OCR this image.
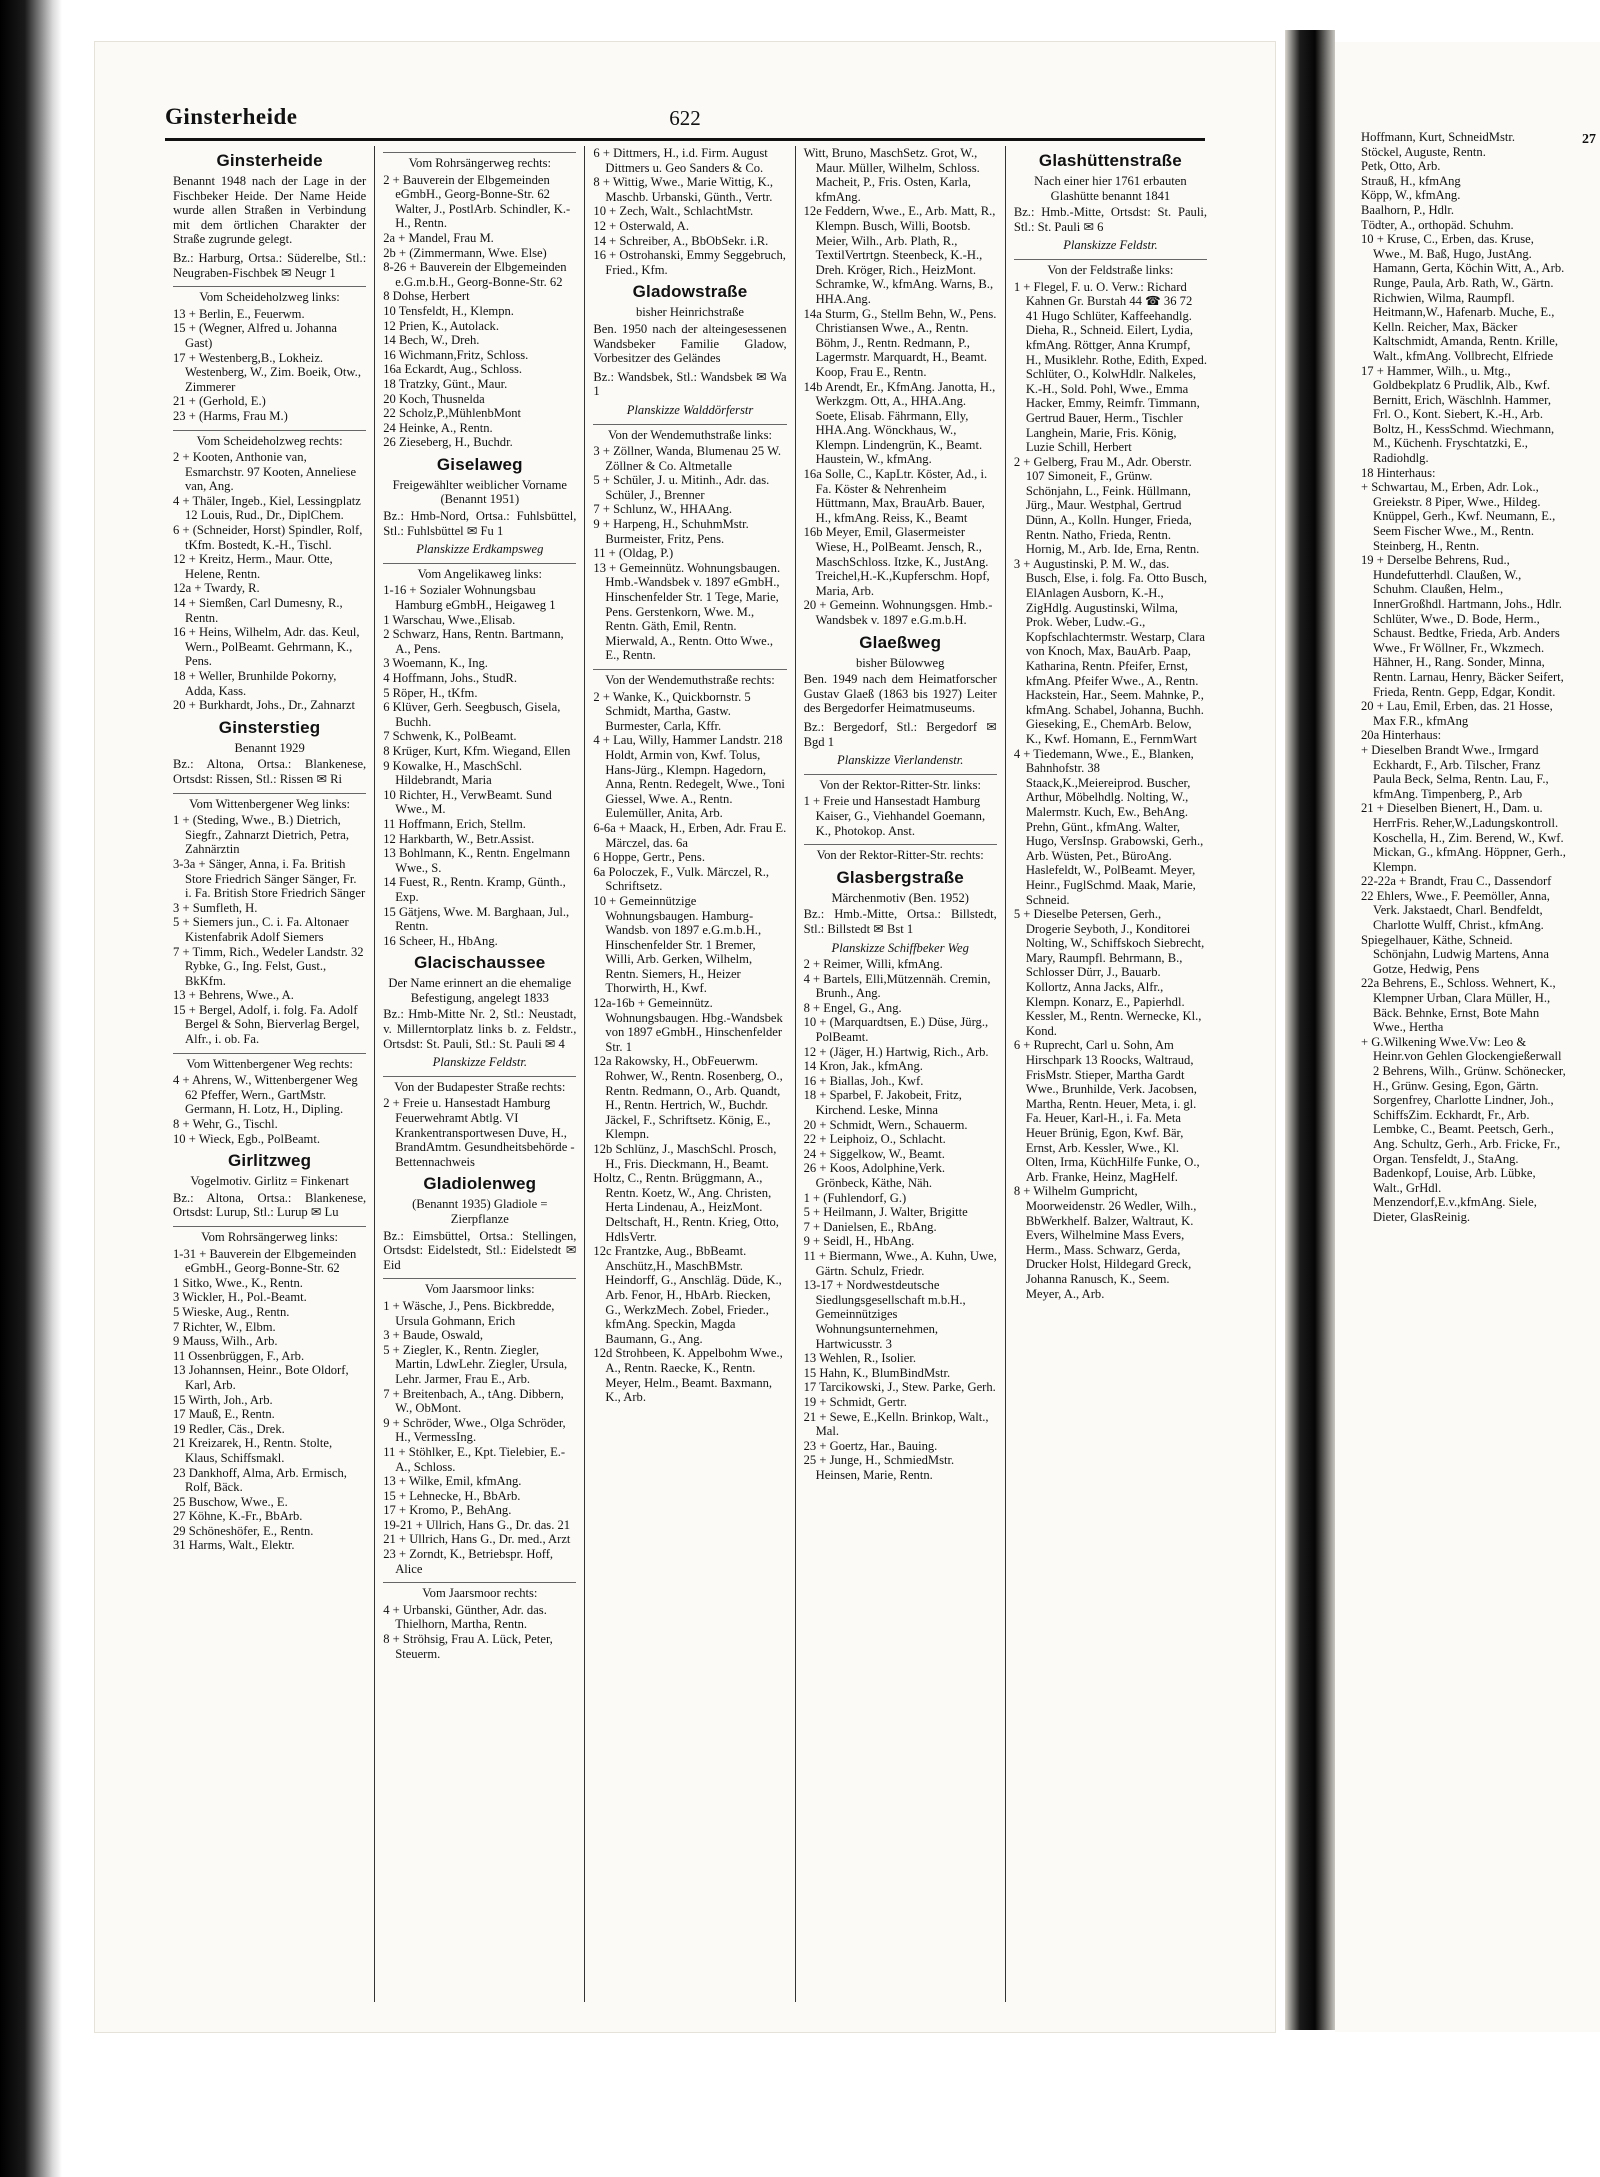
Ginsterheide	622
Ginsterheide
Benannt 1948 nach der Lage in der Fischbeker Heide. Der Name Heide wurde allen Straßen in Verbindung mit dem örtlichen Charakter der Straße zugrunde gelegt.
Bz.: Harburg, Ortsa.: Süderelbe, Stl.: Neugraben-Fischbek ✉ Neugr 1
Vom Scheideholzweg links:
13 + Berlin, E., Feuerwm.
15 + (Wegner, Alfred u. Johanna Gast)
17 + Westenberg,B., Lokheiz. Westenberg, W., Zim. Boeik, Otw., Zimmerer
21 + (Gerhold, E.)
23 + (Harms, Frau M.)
Vom Scheideholzweg rechts:
2 + Kooten, Anthonie van, Esmarchstr. 97 Kooten, Anneliese van, Ang.
4 + Thäler, Ingeb., Kiel, Lessingplatz 12 Louis, Rud., Dr., DiplChem.
6 + (Schneider, Horst) Spindler, Rolf, tKfm. Bostedt, K.-H., Tischl.
12 + Kreitz, Herm., Maur. Otte, Helene, Rentn.
12a + Twardy, R.
14 + Siemßen, Carl Dumesny, R., Rentn.
16 + Heins, Wilhelm, Adr. das. Keul, Wern., PolBeamt. Gehrmann, K., Pens.
18 + Weller, Brunhilde Pokorny, Adda, Kass.
20 + Burkhardt, Johs., Dr., Zahnarzt
Ginsterstieg
Benannt 1929
Bz.: Altona, Ortsa.: Blankenese, Ortsdst: Rissen, Stl.: Rissen ✉ Ri
Vom Wittenbergener Weg links:
1 + (Steding, Wwe., B.) Dietrich, Siegfr., Zahnarzt Dietrich, Petra, Zahnärztin
3-3a + Sänger, Anna, i. Fa. British Store Friedrich Sänger Sänger, Fr. i. Fa. British Store Friedrich Sänger
3 + Sumfleth, H.
5 + Siemers jun., C. i. Fa. Altonaer Kistenfabrik Adolf Siemers
7 + Timm, Rich., Wedeler Landstr. 32 Rybke, G., Ing. Felst, Gust., BkKfm.
13 + Behrens, Wwe., A.
15 + Bergel, Adolf, i. folg. Fa. Adolf Bergel & Sohn, Bierverlag Bergel, Alfr., i. ob. Fa.
Vom Wittenbergener Weg rechts:
4 + Ahrens, W., Wittenbergener Weg 62 Pfeffer, Wern., GartMstr. Germann, H. Lotz, H., Dipling.
8 + Wehr, G., Tischl.
10 + Wieck, Egb., PolBeamt.
Girlitzweg
Vogelmotiv. Girlitz = Finkenart
Bz.: Altona, Ortsa.: Blankenese, Ortsdst: Lurup, Stl.: Lurup ✉ Lu
Vom Rohrsängerweg links:
1-31 + Bauverein der Elbgemeinden eGmbH., Georg-Bonne-Str. 62
1 Sitko, Wwe., K., Rentn.
3 Wickler, H., Pol.-Beamt.
5 Wieske, Aug., Rentn.
7 Richter, W., Elbm.
9 Mauss, Wilh., Arb.
11 Ossenbrüggen, F., Arb.
13 Johannsen, Heinr., Bote Oldorf, Karl, Arb.
15 Wirth, Joh., Arb.
17 Mauß, E., Rentn.
19 Redler, Cäs., Drek.
21 Kreizarek, H., Rentn. Stolte, Klaus, Schiffsmakl.
23 Dankhoff, Alma, Arb. Ermisch, Rolf, Bäck.
25 Buschow, Wwe., E.
27 Köhne, K.-Fr., BbArb.
29 Schöneshöfer, E., Rentn.
31 Harms, Walt., Elektr.
Vom Rohrsängerweg rechts:
2 + Bauverein der Elbgemeinden eGmbH., Georg-Bonne-Str. 62 Walter, J., PostlArb. Schindler, K.-H., Rentn.
2a + Mandel, Frau M.
2b + (Zimmermann, Wwe. Else)
8-26 + Bauverein der Elbgemeinden e.G.m.b.H., Georg-Bonne-Str. 62
8 Dohse, Herbert
10 Tensfeldt, H., Klempn.
12 Prien, K., Autolack.
14 Bech, W., Dreh.
16 Wichmann,Fritz, Schloss.
16a Eckardt, Aug., Schloss.
18 Tratzky, Günt., Maur.
20 Koch, Thusnelda
22 Scholz,P.,MühlenbMont
24 Heinke, A., Rentn.
26 Zieseberg, H., Buchdr.
Giselaweg
Freigewählter weiblicher Vorname (Benannt 1951)
Bz.: Hmb-Nord, Ortsa.: Fuhlsbüttel, Stl.: Fuhlsbüttel ✉ Fu 1
Planskizze Erdkampsweg
Vom Angelikaweg links:
1-16 + Sozialer Wohnungsbau Hamburg eGmbH., Heigaweg 1
1 Warschau, Wwe.,Elisab.
2 Schwarz, Hans, Rentn. Bartmann, A., Pens.
3 Woemann, K., Ing.
4 Hoffmann, Johs., StudR.
5 Röper, H., tKfm.
6 Klüver, Gerh. Seegbusch, Gisela, Buchh.
7 Schwenk, K., PolBeamt.
8 Krüger, Kurt, Kfm. Wiegand, Ellen
9 Kowalke, H., MaschSchl. Hildebrandt, Maria
10 Richter, H., VerwBeamt. Sund Wwe., M.
11 Hoffmann, Erich, Stellm.
12 Harkbarth, W., Betr.Assist.
13 Bohlmann, K., Rentn. Engelmann Wwe., S.
14 Fuest, R., Rentn. Kramp, Günth., Exp.
15 Gätjens, Wwe. M. Barghaan, Jul., Rentn.
16 Scheer, H., HbAng.
Glacischaussee
Der Name erinnert an die ehemalige Befestigung, angelegt 1833
Bz.: Hmb-Mitte Nr. 2, Stl.: Neustadt, v. Millerntorplatz links b. z. Feldstr., Ortsdst: St. Pauli, Stl.: St. Pauli ✉ 4
Planskizze Feldstr.
Von der Budapester Straße rechts:
2 + Freie u. Hansestadt Hamburg Feuerwehramt Abtlg. VI Krankentransportwesen Duve, H., BrandAmtm. Gesundheitsbehörde - Bettennachweis
Gladiolenweg
(Benannt 1935) Gladiole = Zierpflanze
Bz.: Eimsbüttel, Ortsa.: Stellingen, Ortsdst: Eidelstedt, Stl.: Eidelstedt ✉ Eid
Vom Jaarsmoor links:
1 + Wäsche, J., Pens. Bickbredde, Ursula Gohmann, Erich
3 + Baude, Oswald,
5 + Ziegler, K., Rentn. Ziegler, Martin, LdwLehr. Ziegler, Ursula, Lehr. Jarmer, Frau E., Arb.
7 + Breitenbach, A., tAng. Dibbern, W., ObMont.
9 + Schröder, Wwe., Olga Schröder, H., VermessIng.
11 + Stöhlker, E., Kpt. Tielebier, E.-A., Schloss.
13 + Wilke, Emil, kfmAng.
15 + Lehnecke, H., BbArb.
17 + Kromo, P., BehAng.
19-21 + Ullrich, Hans G., Dr. das. 21
21 + Ullrich, Hans G., Dr. med., Arzt
23 + Zorndt, K., Betriebspr. Hoff, Alice
Vom Jaarsmoor rechts:
4 + Urbanski, Günther, Adr. das. Thielhorn, Martha, Rentn.
8 + Ströhsig, Frau A. Lück, Peter, Steuerm.
6 + Dittmers, H., i.d. Firm. August Dittmers u. Geo Sanders & Co.
8 + Wittig, Wwe., Marie Wittig, K., Maschb. Urbanski, Günth., Vertr.
10 + Zech, Walt., SchlachtMstr.
12 + Osterwald, A.
14 + Schreiber, A., BbObSekr. i.R.
16 + Ostrohanski, Emmy Seggebruch, Fried., Kfm.
Gladowstraße
bisher Heinrichstraße
Ben. 1950 nach der alteingesessenen Wandsbeker Familie Gladow, Vorbesitzer des Geländes
Bz.: Wandsbek, Stl.: Wandsbek ✉ Wa 1
Planskizze Walddörferstr
Von der Wendemuthstraße links:
3 + Zöllner, Wanda, Blumenau 25 W. Zöllner & Co. Altmetalle
5 + Schüler, J. u. Mitinh., Adr. das. Schüler, J., Brenner
7 + Schlunz, W., HHAAng.
9 + Harpeng, H., SchuhmMstr. Burmeister, Fritz, Pens.
11 + (Oldag, P.)
13 + Gemeinnütz. Wohnungsbaugen. Hmb.-Wandsbek v. 1897 eGmbH., Hinschenfelder Str. 1 Tege, Marie, Pens. Gerstenkorn, Wwe. M., Rentn. Gäth, Emil, Rentn. Mierwald, A., Rentn. Otto Wwe., E., Rentn.
Von der Wendemuthstraße rechts:
2 + Wanke, K., Quickbornstr. 5 Schmidt, Martha, Gastw. Burmester, Carla, Kffr.
4 + Lau, Willy, Hammer Landstr. 218 Holdt, Armin von, Kwf. Tolus, Hans-Jürg., Klempn. Hagedorn, Anna, Rentn. Redegelt, Wwe., Toni Giessel, Wwe. A., Rentn. Eulemüller, Anita, Arb.
6-6a + Maack, H., Erben, Adr. Frau E. Märczel, das. 6a
6 Hoppe, Gertr., Pens.
6a Poloczek, F., Vulk. Märczel, R., Schriftsetz.
10 + Gemeinnützige Wohnungsbaugen. Hamburg-Wandsb. von 1897 e.G.m.b.H., Hinschenfelder Str. 1 Bremer, Willi, Arb. Gerken, Wilhelm, Rentn. Siemers, H., Heizer Thorwirth, H., Kwf.
12a-16b + Gemeinnütz. Wohnungsbaugen. Hbg.-Wandsbek von 1897 eGmbH., Hinschenfelder Str. 1
12a Rakowsky, H., ObFeuerwm. Rohwer, W., Rentn. Rosenberg, O., Rentn. Redmann, O., Arb. Quandt, H., Rentn. Hertrich, W., Buchdr. Jäckel, F., Schriftsetz. König, E., Klempn.
12b Schlünz, J., MaschSchl. Prosch, H., Fris. Dieckmann, H., Beamt.
Holtz, C., Rentn. Brüggmann, A., Rentn. Koetz, W., Ang. Christen, Herta Lindenau, A., HeizMont. Deltschaft, H., Rentn. Krieg, Otto, HdlsVertr.
12c Frantzke, Aug., BbBeamt. Anschütz,H., MaschBMstr. Heindorff, G., Anschläg. Düde, K., Arb. Fenor, H., HbArb. Riecken, G., WerkzMech. Zobel, Frieder., kfmAng. Speckin, Magda Baumann, G., Ang.
12d Strohbeen, K. Appelbohm Wwe., A., Rentn. Raecke, K., Rentn. Meyer, Helm., Beamt. Baxmann, K., Arb.
Witt, Bruno, MaschSetz. Grot, W., Maur. Müller, Wilhelm, Schloss. Macheit, P., Fris. Osten, Karla, kfmAng.
12e Feddern, Wwe., E., Arb. Matt, R., Klempn. Busch, Willi, Bootsb. Meier, Wilh., Arb. Plath, R., TextilVertrtgn. Steenbeck, K.-H., Dreh. Kröger, Rich., HeizMont. Schramke, W., kfmAng. Warns, B., HHA.Ang.
14a Sturm, G., Stellm Behn, W., Pens. Christiansen Wwe., A., Rentn. Böhm, J., Rentn. Redmann, P., Lagermstr. Marquardt, H., Beamt. Koop, Frau E., Rentn.
14b Arendt, Er., KfmAng. Janotta, H., Werkzgm. Ott, A., HHA.Ang. Soete, Elisab. Fährmann, Elly, HHA.Ang. Wönckhaus, W., Klempn. Lindengrün, K., Beamt. Haustein, W., kfmAng.
16a Solle, C., KapLtr. Köster, Ad., i. Fa. Köster & Nehrenheim Hüttmann, Max, BrauArb. Bauer, H., kfmAng. Reiss, K., Beamt
16b Meyer, Emil, Glasermeister Wiese, H., PolBeamt. Jensch, R., MaschSchloss. Itzke, K., JustAng. Treichel,H.-K.,Kupferschm. Hopf, Maria, Arb.
20 + Gemeinn. Wohnungsgen. Hmb.-Wandsbek v. 1897 e.G.m.b.H.
Glaeßweg
bisher Bülowweg
Ben. 1949 nach dem Heimatforscher Gustav Glaeß (1863 bis 1927) Leiter des Bergedorfer Heimatmuseums.
Bz.: Bergedorf, Stl.: Bergedorf ✉ Bgd 1
Planskizze Vierlandenstr.
Von der Rektor-Ritter-Str. links:
1 + Freie und Hansestadt Hamburg Kaiser, G., Viehhandel Goemann, K., Photokop. Anst.
Von der Rektor-Ritter-Str. rechts:
Glasbergstraße
Märchenmotiv (Ben. 1952)
Bz.: Hmb.-Mitte, Ortsa.: Billstedt, Stl.: Billstedt ✉ Bst 1
Planskizze Schiffbeker Weg
2 + Reimer, Willi, kfmAng.
4 + Bartels, Elli,Mützennäh. Cremin, Brunh., Ang.
8 + Engel, G., Ang.
10 + (Marquardtsen, E.) Düse, Jürg., PolBeamt.
12 + (Jäger, H.) Hartwig, Rich., Arb.
14 Kron, Jak., kfmAng.
16 + Biallas, Joh., Kwf.
18 + Sparbel, F. Jakobeit, Fritz, Kirchend. Leske, Minna
20 + Schmidt, Wern., Schauerm.
22 + Leiphoiz, O., Schlacht.
24 + Siggelkow, W., Beamt.
26 + Koos, Adolphine,Verk. Grönbeck, Käthe, Näh.
1 + (Fuhlendorf, G.)
5 + Heilmann, J. Walter, Brigitte
7 + Danielsen, E., RbAng.
9 + Seidl, H., HbAng.
11 + Biermann, Wwe., A. Kuhn, Uwe, Gärtn. Schulz, Friedr.
13-17 + Nordwestdeutsche Siedlungsgesellschaft m.b.H., Gemeinnütziges Wohnungsunternehmen, Hartwicusstr. 3
13 Wehlen, R., Isolier.
15 Hahn, K., BlumBindMstr.
17 Tarcikowski, J., Stew. Parke, Gerh.
19 + Schmidt, Gertr.
21 + Sewe, E.,Kelln. Brinkop, Walt., Mal.
23 + Goertz, Har., Bauing.
25 + Junge, H., SchmiedMstr. Heinsen, Marie, Rentn.
Glashüttenstraße
Nach einer hier 1761 erbauten Glashütte benannt 1841
Bz.: Hmb.-Mitte, Ortsdst: St. Pauli, Stl.: St. Pauli ✉ 6
Planskizze Feldstr.
Von der Feldstraße links:
1 + Flegel, F. u. O. Verw.: Richard Kahnen Gr. Burstah 44 ☎ 36 72 41 Hugo Schlüter, Kaffeehandlg. Dieha, R., Schneid. Eilert, Lydia, kfmAng. Röttger, Anna Krumpf, H., Musiklehr. Rothe, Edith, Exped. Schlüter, O., KolwHdlr. Nalkeles, K.-H., Sold. Pohl, Wwe., Emma Hacker, Emmy, Reimfr. Timmann, Gertrud Bauer, Herm., Tischler Langhein, Marie, Fris. König, Luzie Schill, Herbert
2 + Gelberg, Frau M., Adr. Oberstr. 107 Simoneit, F., Grünw. Schönjahn, L., Feink. Hüllmann, Jürg., Maur. Westphal, Gertrud Dünn, A., Kolln. Hunger, Frieda, Rentn. Natho, Frieda, Rentn. Hornig, M., Arb. Ide, Erna, Rentn.
3 + Augustinski, P. M. W., das. Busch, Else, i. folg. Fa. Otto Busch, ElAnlagen Ausborn, K.-H., ZigHdlg. Augustinski, Wilma, Prok. Weber, Ludw.-G., Kopfschlachtermstr. Westarp, Clara von Knoch, Max, BauArb. Paap, Katharina, Rentn. Pfeifer, Ernst, kfmAng. Pfeifer Wwe., A., Rentn. Hackstein, Har., Seem. Mahnke, P., kfmAng. Schabel, Johanna, Buchh. Gieseking, E., ChemArb. Below, K., Kwf. Homann, E., FernmWart
4 + Tiedemann, Wwe., E., Blanken, Bahnhofstr. 38 Staack,K.,Meiereiprod. Buscher, Arthur, Möbelhdlg. Nolting, W., Malermstr. Kuch, Ew., BehAng. Prehn, Günt., kfmAng. Walter, Hugo, VersInsp. Grabowski, Gerh., Arb. Wüsten, Pet., BüroAng. Haslefeldt, W., PolBeamt. Meyer, Heinr., FuglSchmd. Maak, Marie, Schneid.
5 + Dieselbe Petersen, Gerh., Drogerie Seyboth, J., Konditorei Nolting, W., Schiffskoch Siebrecht, Mary, Raumpfl. Behrmann, B., Schlosser Dürr, J., Bauarb. Kollortz, Anna Jacks, Alfr., Klempn. Konarz, E., Papierhdl. Kessler, M., Rentn. Wernecke, Kl., Kond.
6 + Ruprecht, Carl u. Sohn, Am Hirschpark 13 Roocks, Waltraud, FrisMstr. Stieper, Martha Gardt Wwe., Brunhilde, Verk. Jacobsen, Martha, Rentn. Heuer, Meta, i. gl. Fa. Heuer, Karl-H., i. Fa. Meta Heuer Brünig, Egon, Kwf. Bär, Ernst, Arb. Kessler, Wwe., Kl. Olten, Irma, KüchHilfe Funke, O., Arb. Franke, Heinz, MagHelf.
8 + Wilhelm Gumpricht, Moorweidenstr. 26 Wedler, Wilh., BbWerkhelf. Balzer, Waltraut, K. Evers, Wilhelmine Mass Evers, Herm., Mass. Schwarz, Gerda, Drucker Holst, Hildegard Greck, Johanna Ranusch, K., Seem. Meyer, A., Arb.
27
Hoffmann, Kurt, SchneidMstr.
Stöckel, Auguste, Rentn.
Petk, Otto, Arb.
Strauß, H., kfmAng
Köpp, W., kfmAng.
Baalhorn, P., Hdlr.
Tödter, A., orthopäd. Schuhm.
10 + Kruse, C., Erben, das. Kruse, Wwe., M. Baß, Hugo, JustAng. Hamann, Gerta, Köchin Witt, A., Arb. Runge, Paula, Arb. Rath, W., Gärtn. Richwien, Wilma, Raumpfl. Heitmann,W., Hafenarb. Muche, E., Kelln. Reicher, Max, Bäcker Kaltschmidt, Amanda, Rentn. Krille, Walt., kfmAng. Vollbrecht, Elfriede
17 + Hammer, Wilh., u. Mtg., Goldbekplatz 6 Prudlik, Alb., Kwf. Bernitt, Erich, Wäschlnh. Hammer, Frl. O., Kont. Siebert, K.-H., Arb. Boltz, H., KessSchmd. Wiechmann, M., Küchenh. Fryschtatzki, E., Radiohdlg.
18 Hinterhaus:
+ Schwartau, M., Erben, Adr. Lok., Greiekstr. 8 Piper, Wwe., Hildeg. Knüppel, Gerh., Kwf. Neumann, E., Seem Fischer Wwe., M., Rentn. Steinberg, H., Rentn.
19 + Derselbe Behrens, Rud., Hundefutterhdl. Claußen, W., Schuhm. Claußen, Helm., InnerGroßhdl. Hartmann, Johs., Hdlr. Schlüter, Wwe., D. Bode, Herm., Schaust. Bedtke, Frieda, Arb. Anders Wwe., Fr Wöllner, Fr., Wkzmech. Hähner, H., Rang. Sonder, Minna, Rentn. Larnau, Henry, Bäcker Seifert, Frieda, Rentn. Gepp, Edgar, Kondit.
20 + Lau, Emil, Erben, das. 21 Hosse, Max F.R., kfmAng
20a Hinterhaus:
+ Dieselben Brandt Wwe., Irmgard Eckhardt, F., Arb. Tilscher, Franz Paula Beck, Selma, Rentn. Lau, F., kfmAng. Timpenberg, P., Arb
21 + Dieselben Bienert, H., Dam. u. HerrFris. Reher,W.,Ladungskontroll. Koschella, H., Zim. Berend, W., Kwf. Mickan, G., kfmAng. Höppner, Gerh., Klempn.
22-22a + Brandt, Frau C., Dassendorf
22 Ehlers, Wwe., F. Peemöller, Anna, Verk. Jakstaedt, Charl. Bendfeldt, Charlotte Wulff, Christ., kfmAng.
Spiegelhauer, Käthe, Schneid. Schönjahn, Ludwig Martens, Anna Gotze, Hedwig, Pens
22a Behrens, E., Schloss. Wehnert, K., Klempner Urban, Clara Müller, H., Bäck. Behnke, Ernst, Bote Mahn Wwe., Hertha
+ G.Wilkening Wwe.Vw: Leo & Heinr.von Gehlen Glockengießerwall 2 Behrens, Wilh., Grünw. Schönecker, H., Grünw. Gesing, Egon, Gärtn. Sorgenfrey, Charlotte Lindner, Joh., SchiffsZim. Eckhardt, Fr., Arb. Lembke, C., Beamt. Peetsch, Gerh., Ang. Schultz, Gerh., Arb. Fricke, Fr., Organ. Tensfeldt, J., StaAng. Badenkopf, Louise, Arb. Lübke, Walt., GrHdl. Menzendorf,E.v.,kfmAng. Siele, Dieter, GlasReinig.
